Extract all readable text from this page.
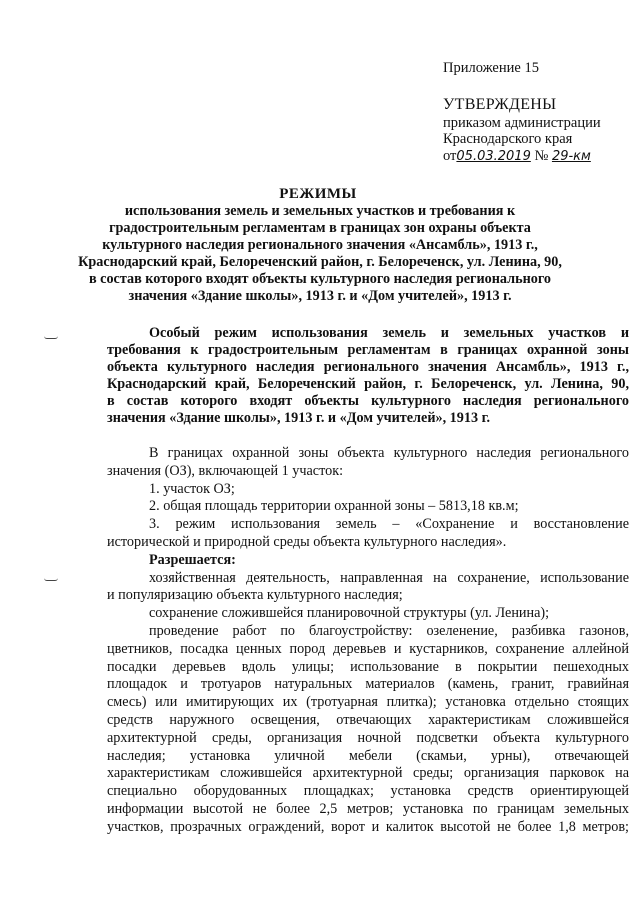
Приложение 15
УТВЕРЖДЕНЫ
приказом администрации
Краснодарского края
от05.03.2019 № 29-км
РЕЖИМЫ
использования земель и земельных участков и требования к
градостроительным регламентам в границах зон охраны объекта
культурного наследия регионального значения «Ансамбль», 1913 г.,
Краснодарский край, Белореченский район, г. Белореченск, ул. Ленина, 90,
в состав которого входят объекты культурного наследия регионального
значения «Здание школы», 1913 г. и «Дом учителей», 1913 г.
Особый режим использования земель и земельных участков и
требования к градостроительным регламентам в границах охранной зоны
объекта культурного наследия регионального значения Ансамбль», 1913 г.,
Краснодарский край, Белореченский район, г. Белореченск, ул. Ленина, 90,
в состав которого входят объекты культурного наследия регионального
значения «Здание школы», 1913 г. и «Дом учителей», 1913 г.
В границах охранной зоны объекта культурного наследия регионального
значения (ОЗ), включающей 1 участок:
1. участок ОЗ;
2. общая площадь территории охранной зоны – 5813,18 кв.м;
3. режим использования земель – «Сохранение и восстановление
исторической и природной среды объекта культурного наследия».
Разрешается:
хозяйственная деятельность, направленная на сохранение, использование
и популяризацию объекта культурного наследия;
сохранение сложившейся планировочной структуры (ул. Ленина);
проведение работ по благоустройству: озеленение, разбивка газонов,
цветников, посадка ценных пород деревьев и кустарников, сохранение аллейной
посадки деревьев вдоль улицы; использование в покрытии пешеходных
площадок и тротуаров натуральных материалов (камень, гранит, гравийная
смесь) или имитирующих их (тротуарная плитка); установка отдельно стоящих
средств наружного освещения, отвечающих характеристикам сложившейся
архитектурной среды, организация ночной подсветки объекта культурного
наследия; установка уличной мебели (скамьи, урны), отвечающей
характеристикам сложившейся архитектурной среды; организация парковок на
специально оборудованных площадках; установка средств ориентирующей
информации высотой не более 2,5 метров; установка по границам земельных
участков, прозрачных ограждений, ворот и калиток высотой не более 1,8 метров;
